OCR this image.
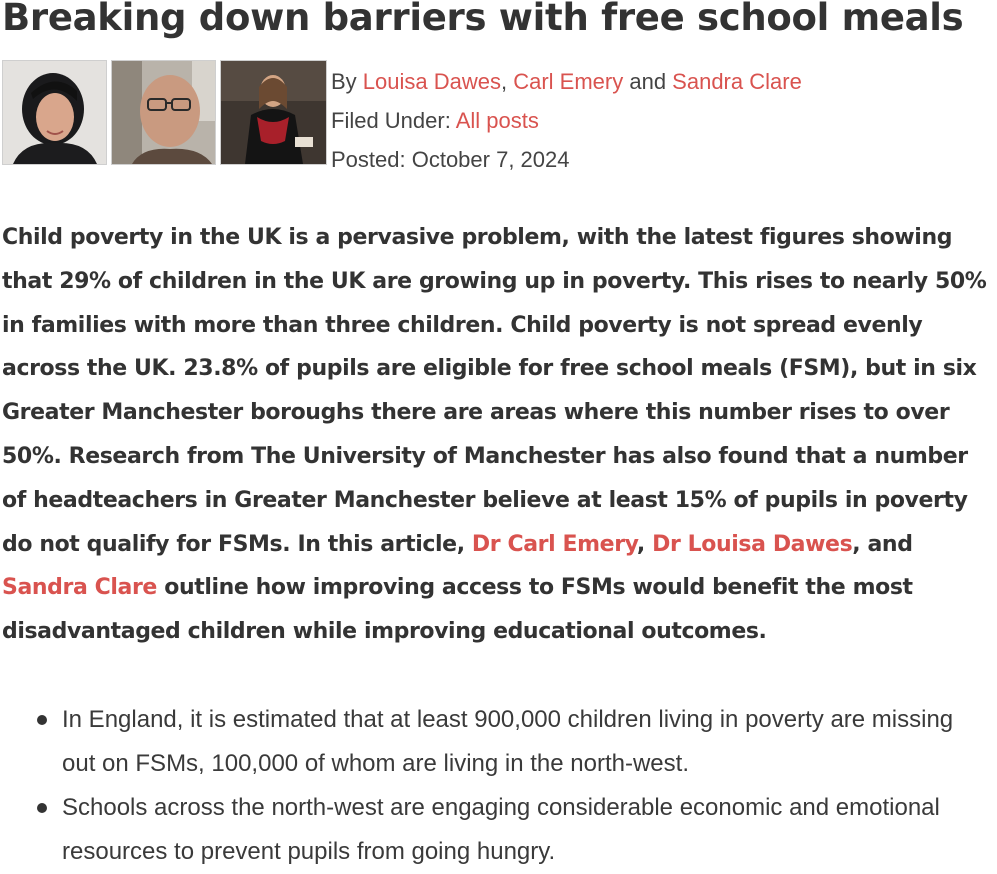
Breaking down barriers with free school meals
By Louisa Dawes, Carl Emery and Sandra Clare
Filed Under: All posts
Posted: October 7, 2024

Child poverty in the UK is a pervasive problem, with the latest figures showing that 29% of children in the UK are growing up in poverty. This rises to nearly 50% in families with more than three children. Child poverty is not spread evenly across the UK. 23.8% of pupils are eligible for free school meals (FSM), but in six Greater Manchester boroughs there are areas where this number rises to over 50%. Research from The University of Manchester has also found that a number of headteachers in Greater Manchester believe at least 15% of pupils in poverty do not qualify for FSMs. In this article, Dr Carl Emery, Dr Louisa Dawes, and Sandra Clare outline how improving access to FSMs would benefit the most disadvantaged children while improving educational outcomes.

In England, it is estimated that at least 900,000 children living in poverty are missing out on FSMs, 100,000 of whom are living in the north-west.
Schools across the north-west are engaging considerable economic and emotional resources to prevent pupils from going hungry.
